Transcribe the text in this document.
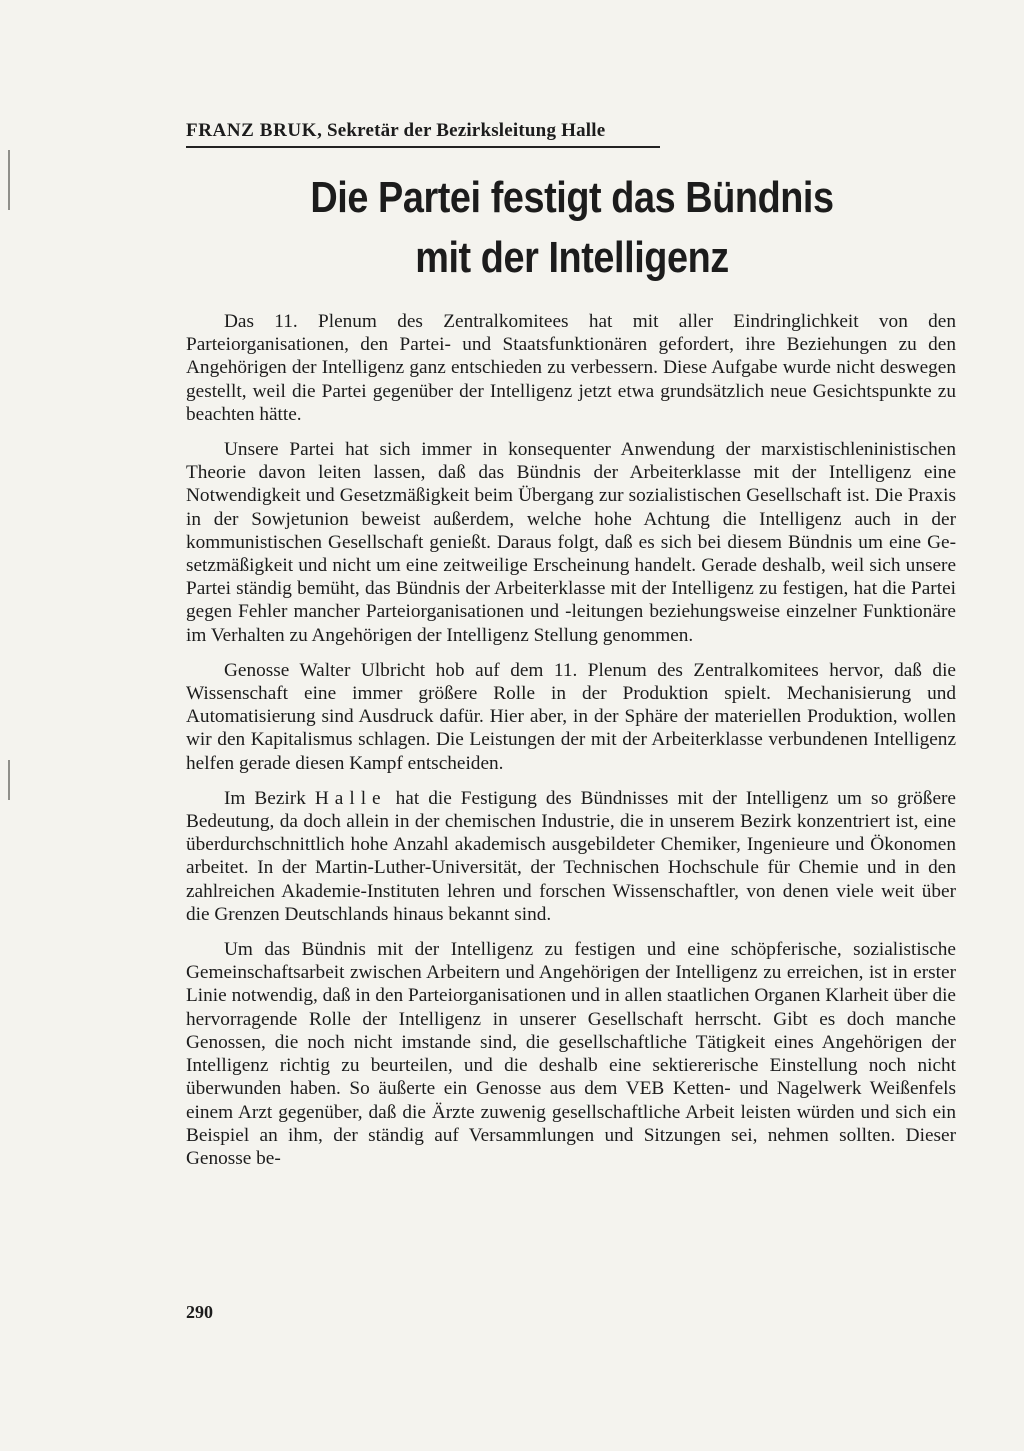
FRANZ BRUK, Sekretär der Bezirksleitung Halle
Die Partei festigt das Bündnis
mit der Intelligenz

Das 11. Plenum des Zentralkomitees hat mit aller Eindringlichkeit von den Parteiorganisationen, den Partei- und Staatsfunktionären gefordert, ihre Beziehungen zu den Angehörigen der Intelligenz ganz entschieden zu verbessern. Diese Aufgabe wurde nicht deswegen gestellt, weil die Partei gegenüber der Intelligenz jetzt etwa grundsätzlich neue Gesichtspunkte zu beachten hätte.

Unsere Partei hat sich immer in konsequenter Anwendung der marxistischleninistischen Theorie davon leiten lassen, daß das Bündnis der Arbeiterklasse mit der Intelligenz eine Notwendigkeit und Gesetzmäßigkeit beim Übergang zur sozialistischen Gesellschaft ist. Die Praxis in der Sowjetunion beweist außerdem, welche hohe Achtung die Intelligenz auch in der kommunistischen Gesellschaft genießt. Daraus folgt, daß es sich bei diesem Bündnis um eine Gesetzmäßigkeit und nicht um eine zeitweilige Erscheinung handelt. Gerade deshalb, weil sich unsere Partei ständig bemüht, das Bündnis der Arbeiterklasse mit der Intelligenz zu festigen, hat die Partei gegen Fehler mancher Parteiorganisationen und -leitungen beziehungsweise einzelner Funktionäre im Verhalten zu Angehörigen der Intelligenz Stellung genommen.

Genosse Walter Ulbricht hob auf dem 11. Plenum des Zentralkomitees hervor, daß die Wissenschaft eine immer größere Rolle in der Produktion spielt. Mechanisierung und Automatisierung sind Ausdruck dafür. Hier aber, in der Sphäre der materiellen Produktion, wollen wir den Kapitalismus schlagen. Die Leistungen der mit der Arbeiterklasse verbundenen Intelligenz helfen gerade diesen Kampf entscheiden.

Im Bezirk Halle hat die Festigung des Bündnisses mit der Intelligenz um so größere Bedeutung, da doch allein in der chemischen Industrie, die in unserem Bezirk konzentriert ist, eine überdurchschnittlich hohe Anzahl akademisch ausgebildeter Chemiker, Ingenieure und Ökonomen arbeitet. In der Martin-Luther-Universität, der Technischen Hochschule für Chemie und in den zahlreichen Akademie-Instituten lehren und forschen Wissenschaftler, von denen viele weit über die Grenzen Deutschlands hinaus bekannt sind.

Um das Bündnis mit der Intelligenz zu festigen und eine schöpferische, sozialistische Gemeinschaftsarbeit zwischen Arbeitern und Angehörigen der Intelligenz zu erreichen, ist in erster Linie notwendig, daß in den Parteiorganisationen und in allen staatlichen Organen Klarheit über die hervorragende Rolle der Intelligenz in unserer Gesellschaft herrscht. Gibt es doch manche Genossen, die noch nicht imstande sind, die gesellschaftliche Tätigkeit eines Angehörigen der Intelligenz richtig zu beurteilen, und die deshalb eine sektiererische Einstellung noch nicht überwunden haben. So äußerte ein Genosse aus dem VEB Ketten- und Nagelwerk Weißenfels einem Arzt gegenüber, daß die Ärzte zuwenig gesellschaftliche Arbeit leisten würden und sich ein Beispiel an ihm, der ständig auf Versammlungen und Sitzungen sei, nehmen sollten. Dieser Genosse be-

290
